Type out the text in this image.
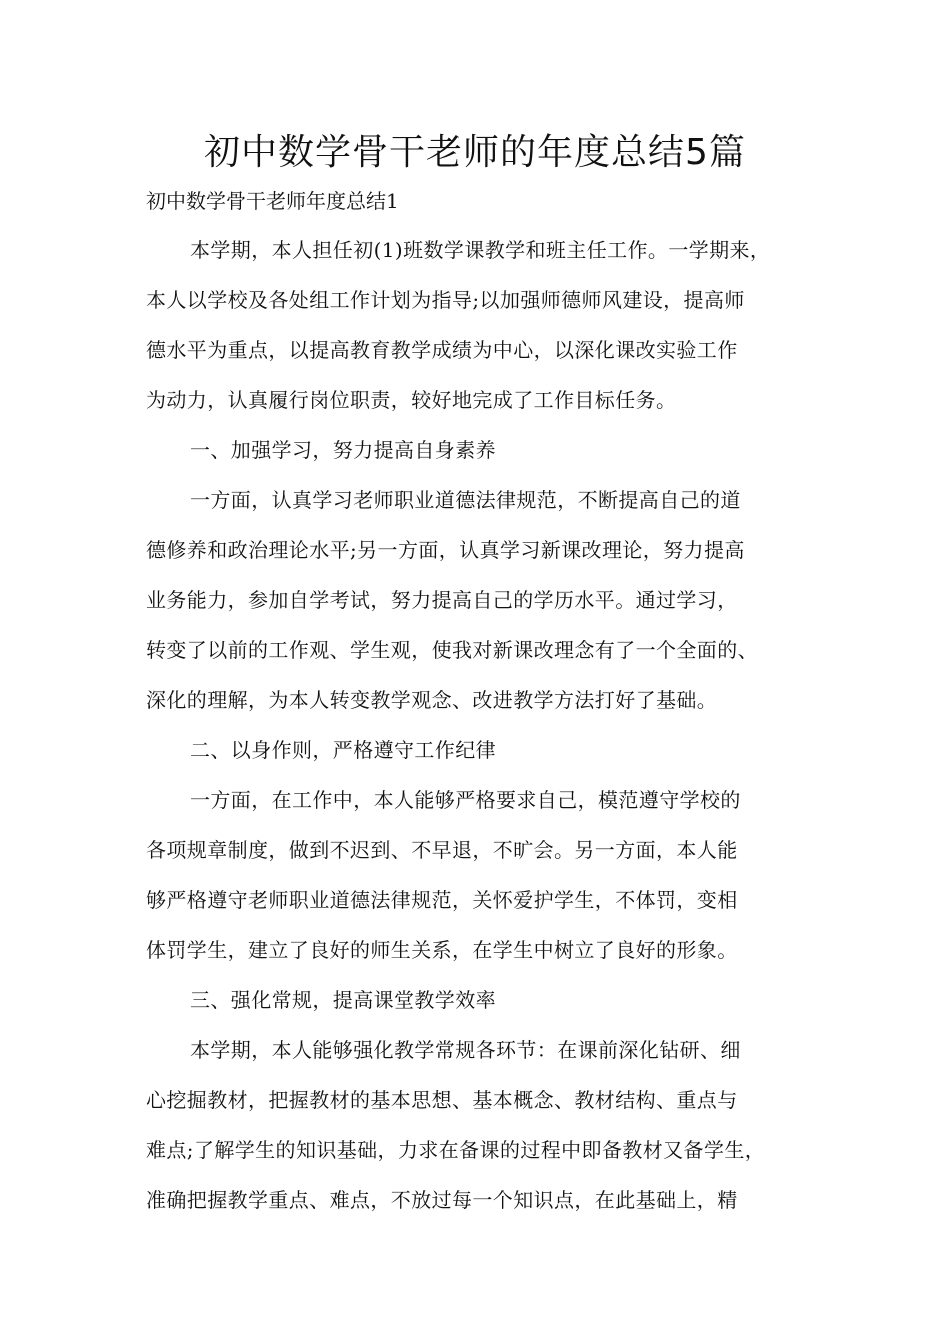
初中数学骨干老师的年度总结5篇
初中数学骨干老师年度总结1
本学期，本人担任初(1)班数学课教学和班主任工作。一学期来，
本人以学校及各处组工作计划为指导;以加强师德师风建设，提高师
德水平为重点，以提高教育教学成绩为中心，以深化课改实验工作
为动力，认真履行岗位职责，较好地完成了工作目标任务。
一、加强学习，努力提高自身素养
一方面，认真学习老师职业道德法律规范，不断提高自己的道
德修养和政治理论水平;另一方面，认真学习新课改理论，努力提高
业务能力，参加自学考试，努力提高自己的学历水平。通过学习，
转变了以前的工作观、学生观，使我对新课改理念有了一个全面的、
深化的理解，为本人转变教学观念、改进教学方法打好了基础。
二、以身作则，严格遵守工作纪律
一方面，在工作中，本人能够严格要求自己，模范遵守学校的
各项规章制度，做到不迟到、不早退，不旷会。另一方面，本人能
够严格遵守老师职业道德法律规范，关怀爱护学生，不体罚，变相
体罚学生，建立了良好的师生关系，在学生中树立了良好的形象。
三、强化常规，提高课堂教学效率
本学期，本人能够强化教学常规各环节：在课前深化钻研、细
心挖掘教材，把握教材的基本思想、基本概念、教材结构、重点与
难点;了解学生的知识基础，力求在备课的过程中即备教材又备学生，
准确把握教学重点、难点，不放过每一个知识点，在此基础上，精
